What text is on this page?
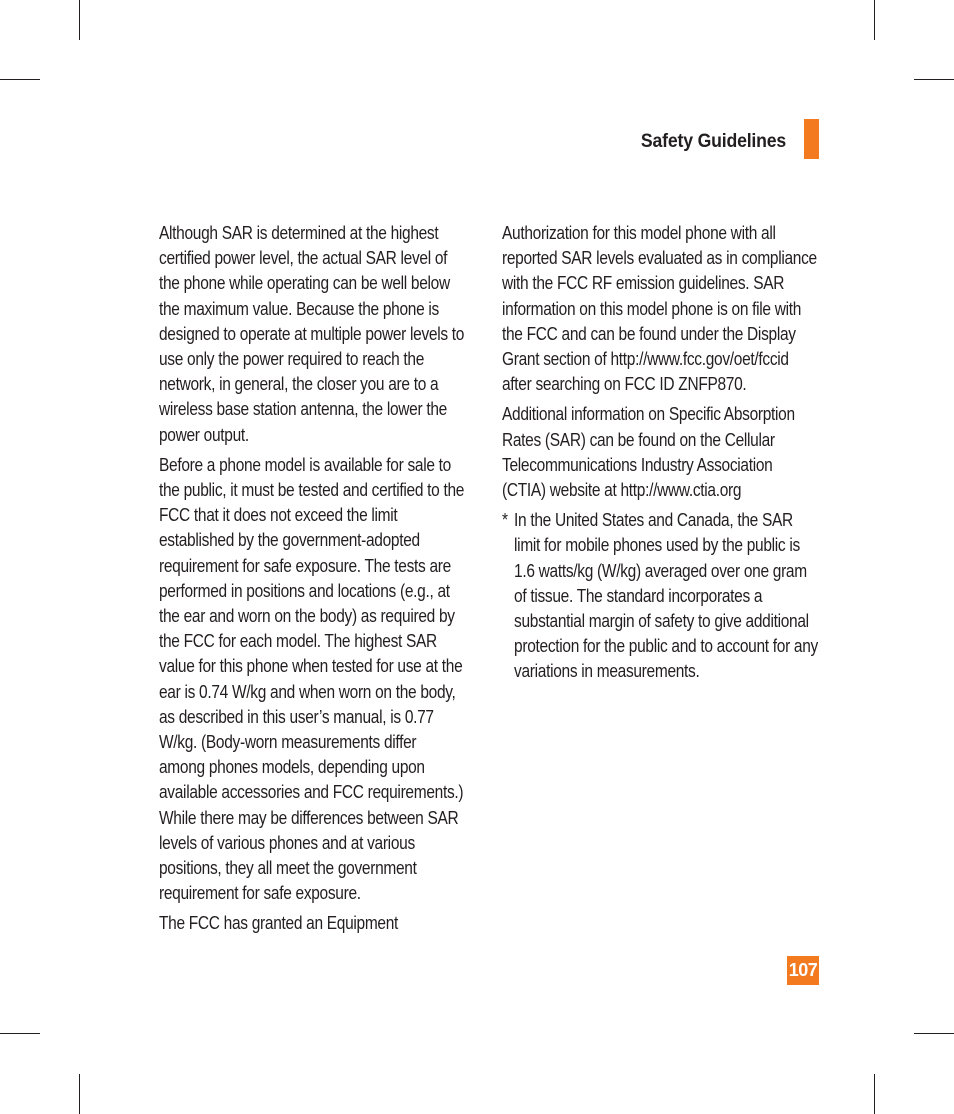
Safety Guidelines

Although SAR is determined at the highest certified power level, the actual SAR level of the phone while operating can be well below the maximum value. Because the phone is designed to operate at multiple power levels to use only the power required to reach the network, in general, the closer you are to a wireless base station antenna, the lower the power output.

Before a phone model is available for sale to the public, it must be tested and certified to the FCC that it does not exceed the limit established by the government-adopted requirement for safe exposure. The tests are performed in positions and locations (e.g., at the ear and worn on the body) as required by the FCC for each model. The highest SAR value for this phone when tested for use at the ear is 0.74 W/kg and when worn on the body, as described in this user’s manual, is 0.77 W/kg. (Body-worn measurements differ among phones models, depending upon available accessories and FCC requirements.) While there may be differences between SAR levels of various phones and at various positions, they all meet the government requirement for safe exposure.

The FCC has granted an Equipment

Authorization for this model phone with all reported SAR levels evaluated as in compliance with the FCC RF emission guidelines. SAR information on this model phone is on file with the FCC and can be found under the Display Grant section of http://www.fcc.gov/oet/fccid after searching on FCC ID ZNFP870.

Additional information on Specific Absorption Rates (SAR) can be found on the Cellular Telecommunications Industry Association (CTIA) website at http://www.ctia.org

* In the United States and Canada, the SAR limit for mobile phones used by the public is 1.6 watts/kg (W/kg) averaged over one gram of tissue. The standard incorporates a substantial margin of safety to give additional protection for the public and to account for any variations in measurements.
107
